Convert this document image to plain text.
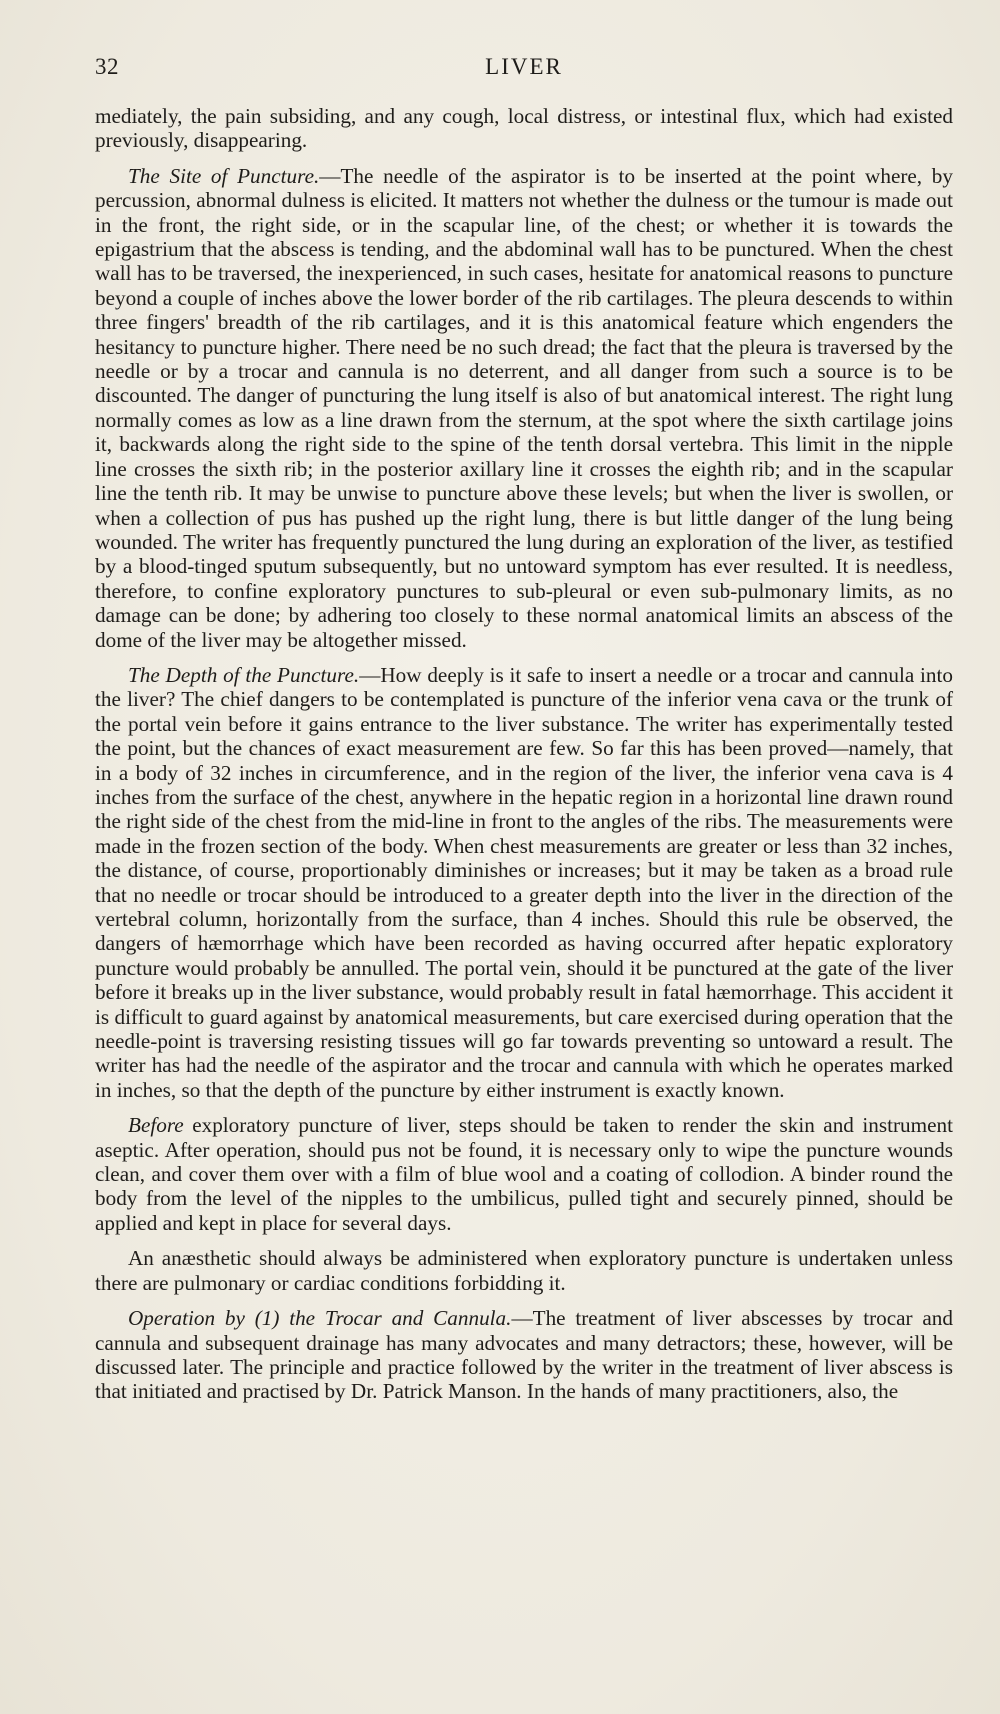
32	LIVER

mediately, the pain subsiding, and any cough, local distress, or intestinal flux, which had existed previously, disappearing.

The Site of Puncture.—The needle of the aspirator is to be inserted at the point where, by percussion, abnormal dulness is elicited. It matters not whether the dulness or the tumour is made out in the front, the right side, or in the scapular line, of the chest; or whether it is towards the epigastrium that the abscess is tending, and the abdominal wall has to be punctured. When the chest wall has to be traversed, the inexperienced, in such cases, hesitate for anatomical reasons to puncture beyond a couple of inches above the lower border of the rib cartilages. The pleura descends to within three fingers' breadth of the rib cartilages, and it is this anatomical feature which engenders the hesitancy to puncture higher. There need be no such dread; the fact that the pleura is traversed by the needle or by a trocar and cannula is no deterrent, and all danger from such a source is to be discounted. The danger of puncturing the lung itself is also of but anatomical interest. The right lung normally comes as low as a line drawn from the sternum, at the spot where the sixth cartilage joins it, backwards along the right side to the spine of the tenth dorsal vertebra. This limit in the nipple line crosses the sixth rib; in the posterior axillary line it crosses the eighth rib; and in the scapular line the tenth rib. It may be unwise to puncture above these levels; but when the liver is swollen, or when a collection of pus has pushed up the right lung, there is but little danger of the lung being wounded. The writer has frequently punctured the lung during an exploration of the liver, as testified by a blood-tinged sputum subsequently, but no untoward symptom has ever resulted. It is needless, therefore, to confine exploratory punctures to sub-pleural or even sub-pulmonary limits, as no damage can be done; by adhering too closely to these normal anatomical limits an abscess of the dome of the liver may be altogether missed.

The Depth of the Puncture.—How deeply is it safe to insert a needle or a trocar and cannula into the liver? The chief dangers to be contemplated is puncture of the inferior vena cava or the trunk of the portal vein before it gains entrance to the liver substance. The writer has experimentally tested the point, but the chances of exact measurement are few. So far this has been proved—namely, that in a body of 32 inches in circumference, and in the region of the liver, the inferior vena cava is 4 inches from the surface of the chest, anywhere in the hepatic region in a horizontal line drawn round the right side of the chest from the mid-line in front to the angles of the ribs. The measurements were made in the frozen section of the body. When chest measurements are greater or less than 32 inches, the distance, of course, proportionably diminishes or increases; but it may be taken as a broad rule that no needle or trocar should be introduced to a greater depth into the liver in the direction of the vertebral column, horizontally from the surface, than 4 inches. Should this rule be observed, the dangers of hæmorrhage which have been recorded as having occurred after hepatic exploratory puncture would probably be annulled. The portal vein, should it be punctured at the gate of the liver before it breaks up in the liver substance, would probably result in fatal hæmorrhage. This accident it is difficult to guard against by anatomical measurements, but care exercised during operation that the needle-point is traversing resisting tissues will go far towards preventing so untoward a result. The writer has had the needle of the aspirator and the trocar and cannula with which he operates marked in inches, so that the depth of the puncture by either instrument is exactly known.

Before exploratory puncture of liver, steps should be taken to render the skin and instrument aseptic. After operation, should pus not be found, it is necessary only to wipe the puncture wounds clean, and cover them over with a film of blue wool and a coating of collodion. A binder round the body from the level of the nipples to the umbilicus, pulled tight and securely pinned, should be applied and kept in place for several days.

An anæsthetic should always be administered when exploratory puncture is undertaken unless there are pulmonary or cardiac conditions forbidding it.

Operation by (1) the Trocar and Cannula.—The treatment of liver abscesses by trocar and cannula and subsequent drainage has many advocates and many detractors; these, however, will be discussed later. The principle and practice followed by the writer in the treatment of liver abscess is that initiated and practised by Dr. Patrick Manson. In the hands of many practitioners, also, the
